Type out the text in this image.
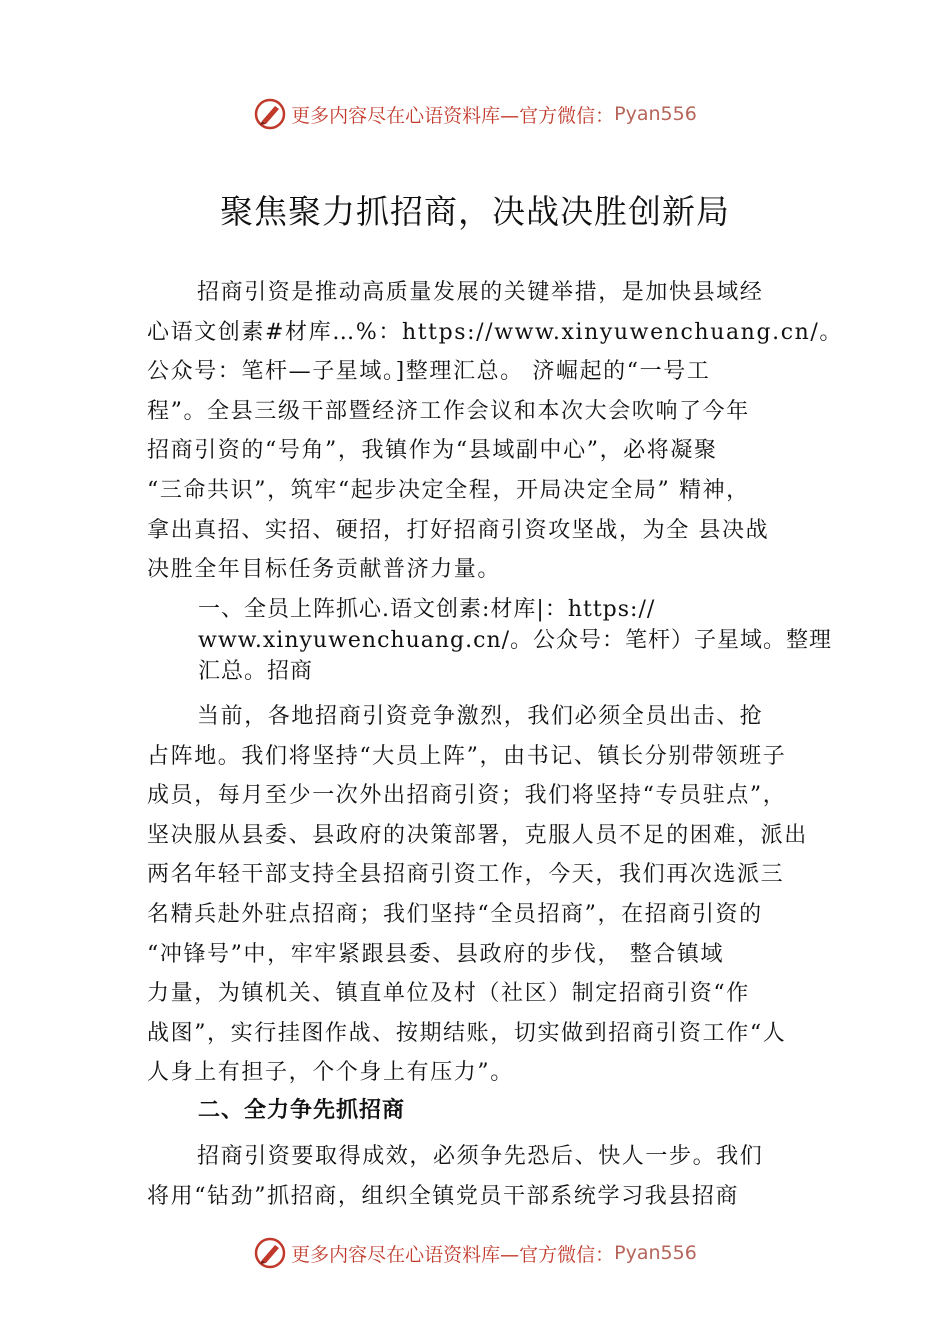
更多内容尽在心语资料库—官方微信： Pyan556
聚焦聚力抓招商，决战决胜创新局
招商引资是推动高质量发展的关键举措，是加快县域经
心语文创素#材库…%：https://www.xinyuwenchuang.cn/。
公众号：笔杆—子星域。]整理汇总。 济崛起的“一号工
程”。全县三级干部暨经济工作会议和本次大会吹响了今年
招商引资的“号角”，我镇作为“县域副中心”，必将凝聚
“三命共识”，筑牢“起步决定全程，开局决定全局” 精神，
拿出真招、实招、硬招，打好招商引资攻坚战，为全 县决战
决胜全年目标任务贡献普济力量。
一、全员上阵抓心.语文创素:材库|：https://
www.xinyuwenchuang.cn/。公众号：笔杆）子星域。整理
汇总。招商
当前，各地招商引资竞争激烈，我们必须全员出击、抢
占阵地。我们将坚持“大员上阵”，由书记、镇长分别带领班子
成员，每月至少一次外出招商引资；我们将坚持“专员驻点”，
坚决服从县委、县政府的决策部署，克服人员不足的困难，派出
两名年轻干部支持全县招商引资工作，今天，我们再次选派三
名精兵赴外驻点招商；我们坚持“全员招商”，在招商引资的
“冲锋号”中，牢牢紧跟县委、县政府的步伐， 整合镇域
力量，为镇机关、镇直单位及村（社区）制定招商引资“作
战图”，实行挂图作战、按期结账，切实做到招商引资工作“人
人身上有担子，个个身上有压力”。
二、全力争先抓招商
招商引资要取得成效，必须争先恐后、快人一步。我们
将用“钻劲”抓招商，组织全镇党员干部系统学习我县招商
更多内容尽在心语资料库—官方微信： Pyan556
